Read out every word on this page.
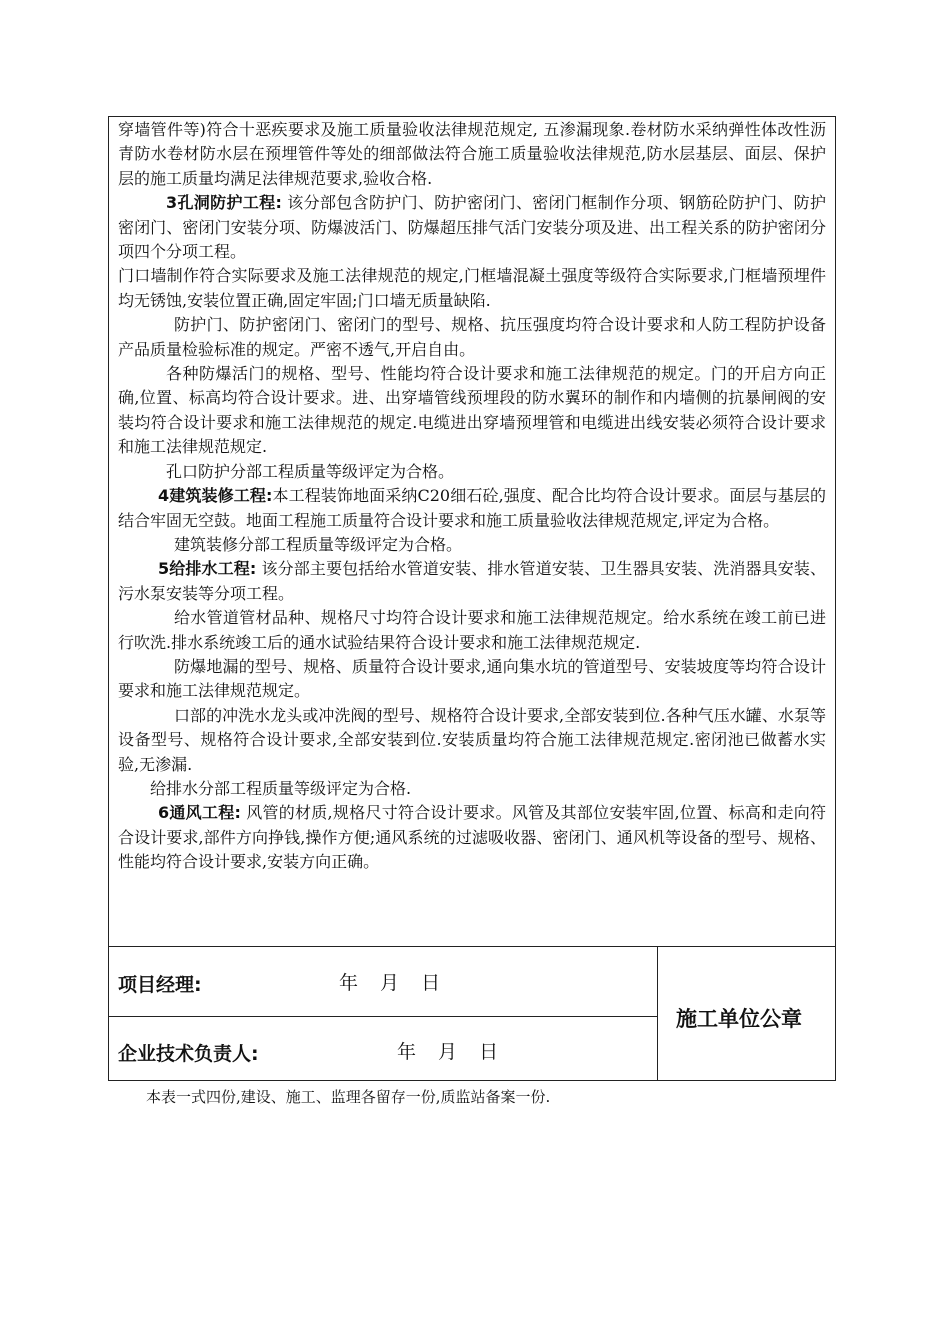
穿墙管件等)符合十恶疾要求及施工质量验收法律规范规定, 五渗漏现象.卷材防水采纳弹性体改性沥青防水卷材防水层在预埋管件等处的细部做法符合施工质量验收法律规范,防水层基层、面层、保护层的施工质量均满足法律规范要求,验收合格.

3孔洞防护工程: 该分部包含防护门、防护密闭门、密闭门框制作分项、钢筋砼防护门、防护密闭门、密闭门安装分项、防爆波活门、防爆超压排气活门安装分项及进、出工程关系的防护密闭分项四个分项工程。

门口墙制作符合实际要求及施工法律规范的规定,门框墙混凝土强度等级符合实际要求,门框墙预埋件均无锈蚀,安装位置正确,固定牢固;门口墙无质量缺陷.

防护门、防护密闭门、密闭门的型号、规格、抗压强度均符合设计要求和人防工程防护设备产品质量检验标准的规定。严密不透气,开启自由。

各种防爆活门的规格、型号、性能均符合设计要求和施工法律规范的规定。门的开启方向正确,位置、标高均符合设计要求。进、出穿墙管线预埋段的防水翼环的制作和内墙侧的抗暴闸阀的安装均符合设计要求和施工法律规范的规定.电缆进出穿墙预埋管和电缆进出线安装必须符合设计要求和施工法律规范规定.

孔口防护分部工程质量等级评定为合格。

4建筑装修工程:本工程装饰地面采纳C20细石砼,强度、配合比均符合设计要求。面层与基层的结合牢固无空鼓。地面工程施工质量符合设计要求和施工质量验收法律规范规定,评定为合格。

建筑装修分部工程质量等级评定为合格。

5给排水工程: 该分部主要包括给水管道安装、排水管道安装、卫生器具安装、洗消器具安装、污水泵安装等分项工程。

给水管道管材品种、规格尺寸均符合设计要求和施工法律规范规定。给水系统在竣工前已进行吹洗.排水系统竣工后的通水试验结果符合设计要求和施工法律规范规定.

防爆地漏的型号、规格、质量符合设计要求,通向集水坑的管道型号、安装坡度等均符合设计要求和施工法律规范规定。

口部的冲洗水龙头或冲洗阀的型号、规格符合设计要求,全部安装到位.各种气压水罐、水泵等设备型号、规格符合设计要求,全部安装到位.安装质量均符合施工法律规范规定.密闭池已做蓄水实验,无渗漏.

给排水分部工程质量等级评定为合格.

6通风工程: 风管的材质,规格尺寸符合设计要求。风管及其部位安装牢固,位置、标高和走向符合设计要求,部件方向挣钱,操作方便;通风系统的过滤吸收器、密闭门、通风机等设备的型号、规格、性能均符合设计要求,安装方向正确。

项目经理:	年 月 日
企业技术负责人:	年 月 日
施工单位公章
本表一式四份,建设、施工、监理各留存一份,质监站备案一份.
